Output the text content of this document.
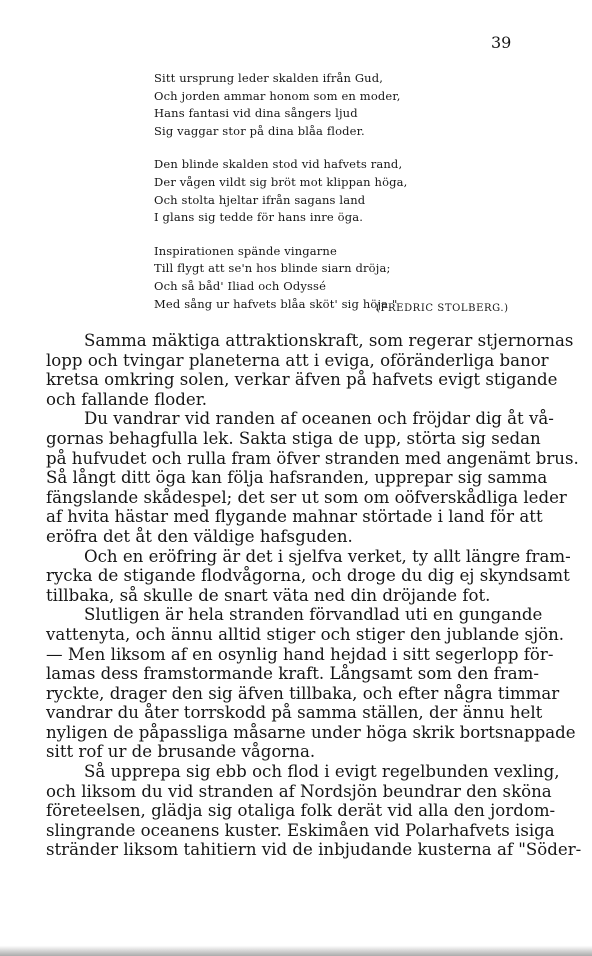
39
Sitt ursprung leder skalden ifrån Gud,
Och jorden ammar honom som en moder,
Hans fantasi vid dina sångers ljud
Sig vaggar stor på dina blåa floder.
Den blinde skalden stod vid hafvets rand,
Der vågen vildt sig bröt mot klippan höga,
Och stolta hjeltar ifrån sagans land
I glans sig tedde för hans inre öga.
Inspirationen spände vingarne
Till flygt att se'n hos blinde siarn dröja;
Och så båd' Iliad och Odyssé
Med sång ur hafvets blåa sköt' sig höja."
(FREDRIC STOLBERG.)
Samma mäktiga attraktionskraft, som regerar stjernornas
lopp och tvingar planeterna att i eviga, oföränderliga banor
kretsa omkring solen, verkar äfven på hafvets evigt stigande
och fallande floder.
Du vandrar vid randen af oceanen och fröjdar dig åt vå-
gornas behagfulla lek. Sakta stiga de upp, störta sig sedan
på hufvudet och rulla fram öfver stranden med angenämt brus.
Så långt ditt öga kan följa hafsranden, upprepar sig samma
fängslande skådespel; det ser ut som om oöfverskådliga leder
af hvita hästar med flygande mahnar störtade i land för att
eröfra det åt den väldige hafsguden.
Och en eröfring är det i sjelfva verket, ty allt längre fram-
rycka de stigande flodvågorna, och droge du dig ej skyndsamt
tillbaka, så skulle de snart väta ned din dröjande fot.
Slutligen är hela stranden förvandlad uti en gungande
vattenyta, och ännu alltid stiger och stiger den jublande sjön.
— Men liksom af en osynlig hand hejdad i sitt segerlopp för-
lamas dess framstormande kraft. Långsamt som den fram-
ryckte, drager den sig äfven tillbaka, och efter några timmar
vandrar du åter torrskodd på samma ställen, der ännu helt
nyligen de påpassliga måsarne under höga skrik bortsnappade
sitt rof ur de brusande vågorna.
Så upprepa sig ebb och flod i evigt regelbunden vexling,
och liksom du vid stranden af Nordsjön beundrar den sköna
företeelsen, glädja sig otaliga folk derät vid alla den jordom-
slingrande oceanens kuster. Eskimåen vid Polarhafvets isiga
stränder liksom tahitiern vid de inbjudande kusterna af "Söder-
